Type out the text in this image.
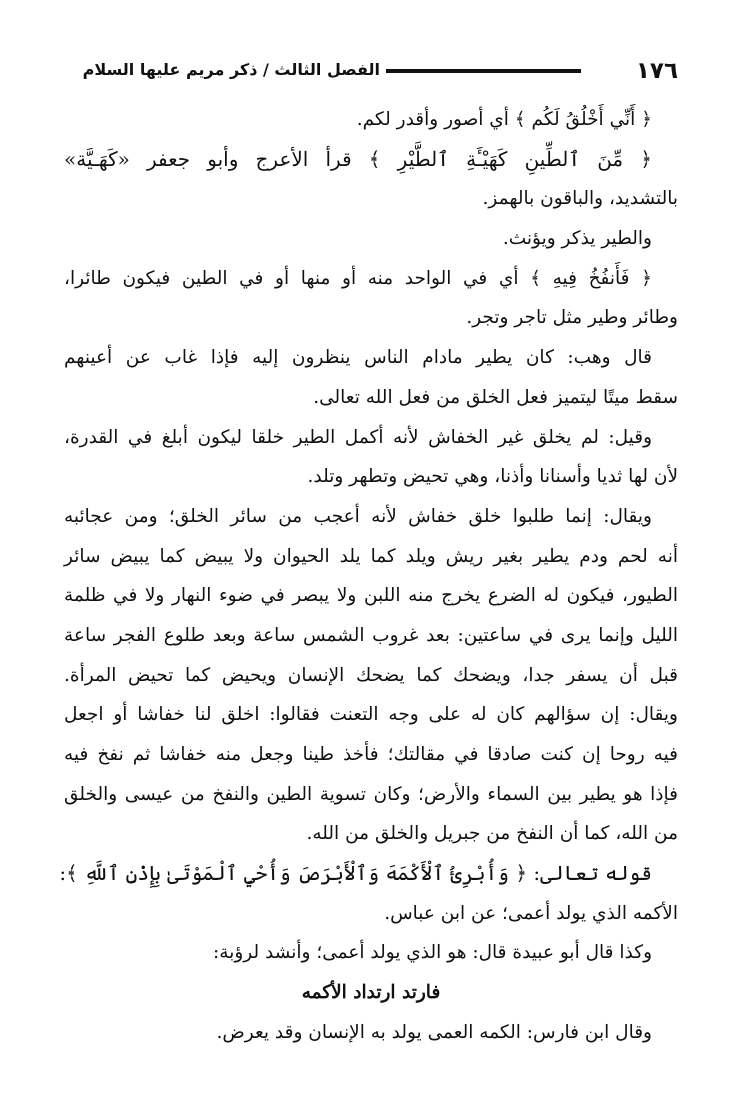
الفصل الثالث / ذكر مريم عليها السلام	١٧٦
﴿ أَنِّي أَخْلُقُ لَكُم ﴾ أي أصور وأقدر لكم.
﴿ مِّنَ ٱلطِّينِ كَهَيْـَٔةِ ٱلطَّيْرِ ﴾ قرأ الأعرج وأبو جعفر «كَهَـيَّة»
بالتشديد، والباقون بالهمز.
والطير يذكر ويؤنث.
﴿ فَأَنفُخُ فِيهِ ﴾ أي في الواحد منه أو منها أو في الطين فيكون طائرا،
وطائر وطير مثل تاجر وتجر.
قال وهب: كان يطير مادام الناس ينظرون إليه فإذا غاب عن أعينهم
سقط ميتًا ليتميز فعل الخلق من فعل الله تعالى.
وقيل: لم يخلق غير الخفاش لأنه أكمل الطير خلقا ليكون أبلغ في القدرة،
لأن لها ثديا وأسنانا وأذنا، وهي تحيض وتطهر وتلد.
ويقال: إنما طلبوا خلق خفاش لأنه أعجب من سائر الخلق؛ ومن عجائبه
أنه لحم ودم يطير بغير ريش ويلد كما يلد الحيوان ولا يبيض كما يبيض سائر
الطيور، فيكون له الضرع يخرج منه اللبن ولا يبصر في ضوء النهار ولا في ظلمة
الليل وإنما يرى في ساعتين: بعد غروب الشمس ساعة وبعد طلوع الفجر ساعة
قبل أن يسفر جدا، ويضحك كما يضحك الإنسان ويحيض كما تحيض المرأة.
ويقال: إن سؤالهم كان له على وجه التعنت فقالوا: اخلق لنا خفاشا أو اجعل
فيه روحا إن كنت صادقا في مقالتك؛ فأخذ طينا وجعل منه خفاشا ثم نفخ فيه
فإذا هو يطير بين السماء والأرض؛ وكان تسوية الطين والنفخ من عيسى والخلق
من الله، كما أن النفخ من جبريل والخلق من الله.
قوله تعالى: ﴿ وَأُبْرِئُ ٱلْأَكْمَهَ وَٱلْأَبْرَصَ وَأُحْيِ ٱلْمَوْتَىٰ بِإِذْنِ ٱللَّهِ ﴾:
الأكمه الذي يولد أعمى؛ عن ابن عباس.
وكذا قال أبو عبيدة قال: هو الذي يولد أعمى؛ وأنشد لرؤبة:
فارتد ارتداد الأكمه
وقال ابن فارس: الكمه العمى يولد به الإنسان وقد يعرض.
